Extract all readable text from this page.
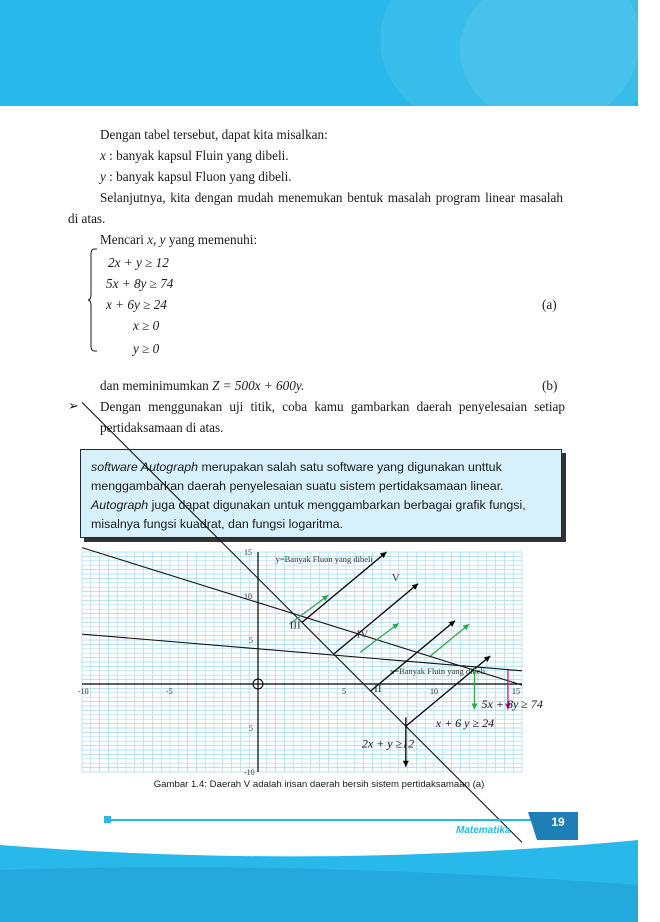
Dengan tabel tersebut, dapat kita misalkan:
x : banyak kapsul Fluin yang dibeli.
y : banyak kapsul Fluon yang dibeli.
Selanjutnya, kita dengan mudah menemukan bentuk masalah program linear masalah di atas.
Mencari x, y yang memenuhi:
2x + y ≥ 12
5x + 8y ≥ 74
x + 6y ≥ 24
x ≥ 0
y ≥ 0
(a)
dan meminimumkan Z = 500x + 600y.	(b)
➢ Dengan menggunakan uji titik, coba kamu gambarkan daerah penyelesaian setiap pertidaksamaan di atas.
software Autograph merupakan salah satu software yang digunakan unttuk menggambarkan daerah penyelesaian suatu sistem pertidaksamaan linear. Autograph juga dapat digunakan untuk menggambarkan berbagai grafik fungsi, misalnya fungsi kuadrat, dan fungsi logaritma.
-10	-5	5	10	15
15
10
5
5
-10
y=Banyak Fluon yang dibeli
x=Banyak Fluin yang dibeli
V
III
IV
II
5x + 8y ≥ 74
x + 6 y ≥ 24
2x + y ≥12
Gambar 1.4: Daerah V adalah irisan daerah bersih sistem pertidaksamaan (a)
Matematika
19
